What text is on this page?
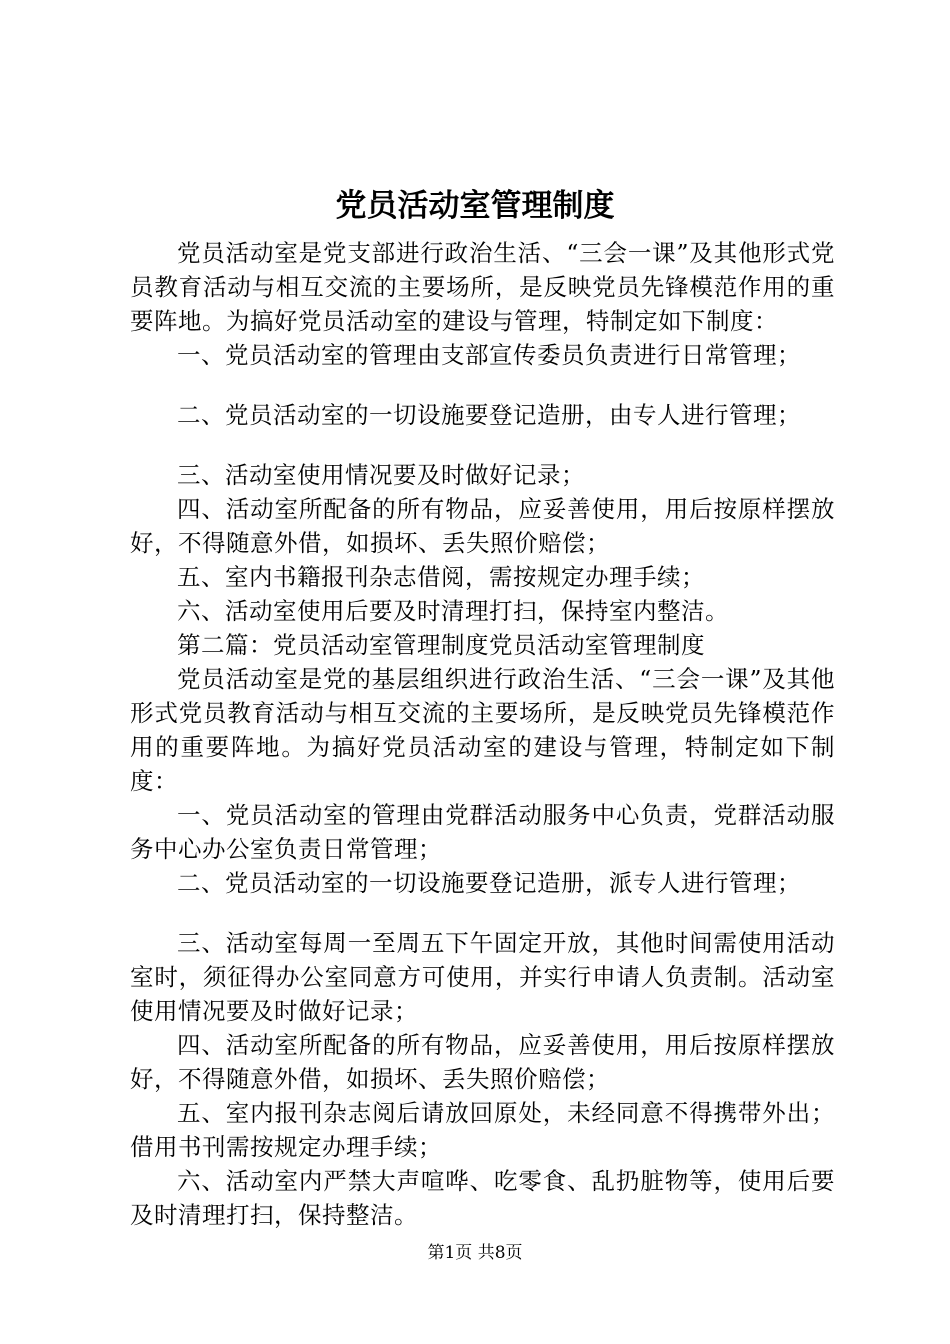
党员活动室管理制度

党员活动室是党支部进行政治生活、“三会一课”及其他形式党员教育活动与相互交流的主要场所，是反映党员先锋模范作用的重要阵地。为搞好党员活动室的建设与管理，特制定如下制度：

一、党员活动室的管理由支部宣传委员负责进行日常管理；

二、党员活动室的一切设施要登记造册，由专人进行管理；

三、活动室使用情况要及时做好记录；

四、活动室所配备的所有物品，应妥善使用，用后按原样摆放好，不得随意外借，如损坏、丢失照价赔偿；

五、室内书籍报刊杂志借阅，需按规定办理手续；

六、活动室使用后要及时清理打扫，保持室内整洁。

第二篇：党员活动室管理制度党员活动室管理制度

党员活动室是党的基层组织进行政治生活、“三会一课”及其他形式党员教育活动与相互交流的主要场所，是反映党员先锋模范作用的重要阵地。为搞好党员活动室的建设与管理，特制定如下制度：

一、党员活动室的管理由党群活动服务中心负责，党群活动服务中心办公室负责日常管理；

二、党员活动室的一切设施要登记造册，派专人进行管理；

三、活动室每周一至周五下午固定开放，其他时间需使用活动室时，须征得办公室同意方可使用，并实行申请人负责制。活动室使用情况要及时做好记录；

四、活动室所配备的所有物品，应妥善使用，用后按原样摆放好，不得随意外借，如损坏、丢失照价赔偿；

五、室内报刊杂志阅后请放回原处，未经同意不得携带外出；借用书刊需按规定办理手续；

六、活动室内严禁大声喧哗、吃零食、乱扔脏物等，使用后要及时清理打扫，保持整洁。

第1页 共8页
